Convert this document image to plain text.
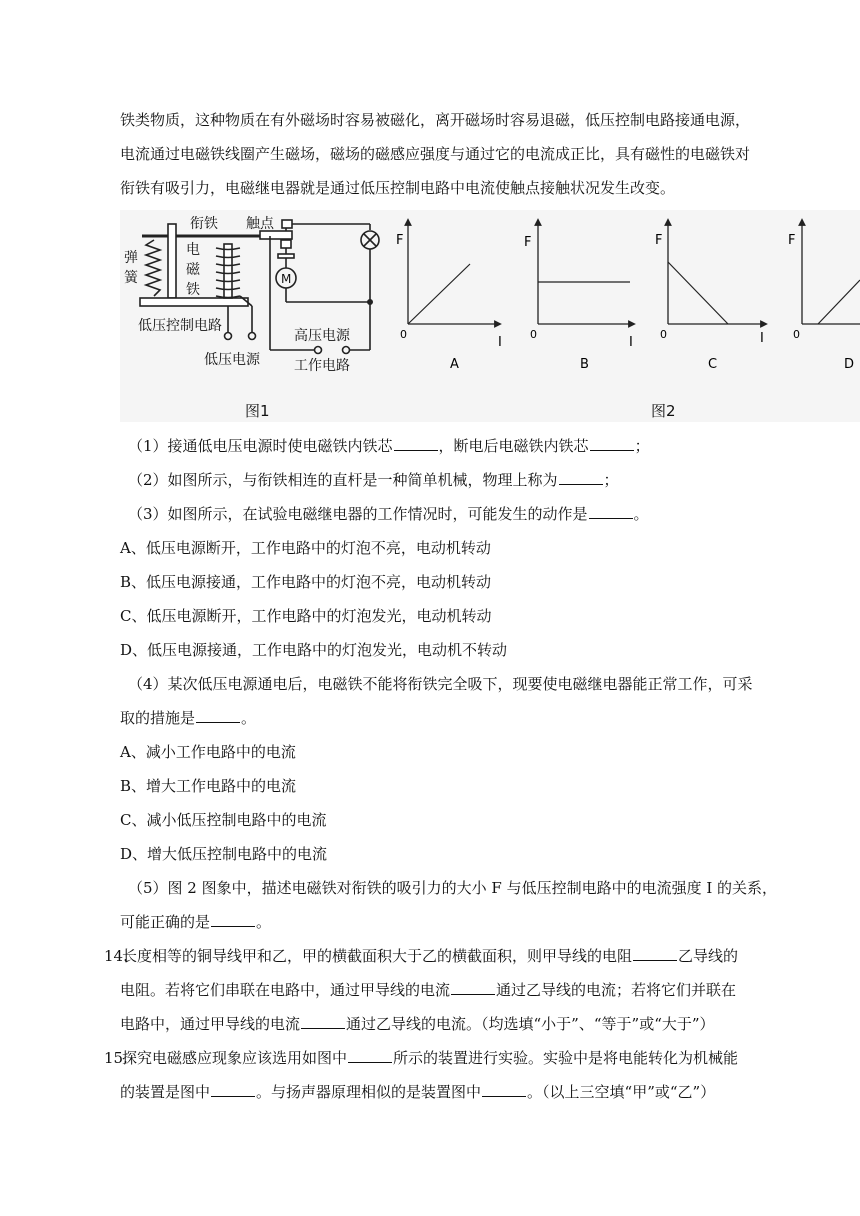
铁类物质，这种物质在有外磁场时容易被磁化，离开磁场时容易退磁，低压控制电路接通电源，
电流通过电磁铁线圈产生磁场，磁场的磁感应强度与通过它的电流成正比，具有磁性的电磁铁对
衔铁有吸引力，电磁继电器就是通过低压控制电路中电流使触点接触状况发生改变。
衔铁 触点
弹
簧
电
磁
铁
M
低压控制电路
低压电源
高压电源
工作电路
F
0
I
A
F
0
I
B
F
0	I
C
F
0
D
图1	图2
（1）接通低电压电源时使电磁铁内铁芯	，断电后电磁铁内铁芯	；
（2）如图所示，与衔铁相连的直杆是一种简单机械，物理上称为	；
（3）如图所示，在试验电磁继电器的工作情况时，可能发生的动作是	。
A、低压电源断开，工作电路中的灯泡不亮，电动机转动
B、低压电源接通，工作电路中的灯泡不亮，电动机转动
C、低压电源断开，工作电路中的灯泡发光，电动机转动
D、低压电源接通，工作电路中的灯泡发光，电动机不转动
（4）某次低压电源通电后，电磁铁不能将衔铁完全吸下，现要使电磁继电器能正常工作，可采
取的措施是	。
A、减小工作电路中的电流
B、增大工作电路中的电流
C、减小低压控制电路中的电流
D、增大低压控制电路中的电流
（5）图 2 图象中，描述电磁铁对衔铁的吸引力的大小 F 与低压控制电路中的电流强度 I 的关系，
可能正确的是	。
14.
长度相等的铜导线甲和乙，甲的横截面积大于乙的横截面积，则甲导线的电阻	乙导线的
电阻。若将它们串联在电路中，通过甲导线的电流	通过乙导线的电流；若将它们并联在
电路中，通过甲导线的电流	通过乙导线的电流。（均选填“小于”、“等于”或“大于”）
15.
探究电磁感应现象应该选用如图中	所示的装置进行实验。实验中是将电能转化为机械能
的装置是图中	。与扬声器原理相似的是装置图中	。（以上三空填“甲”或“乙”）
